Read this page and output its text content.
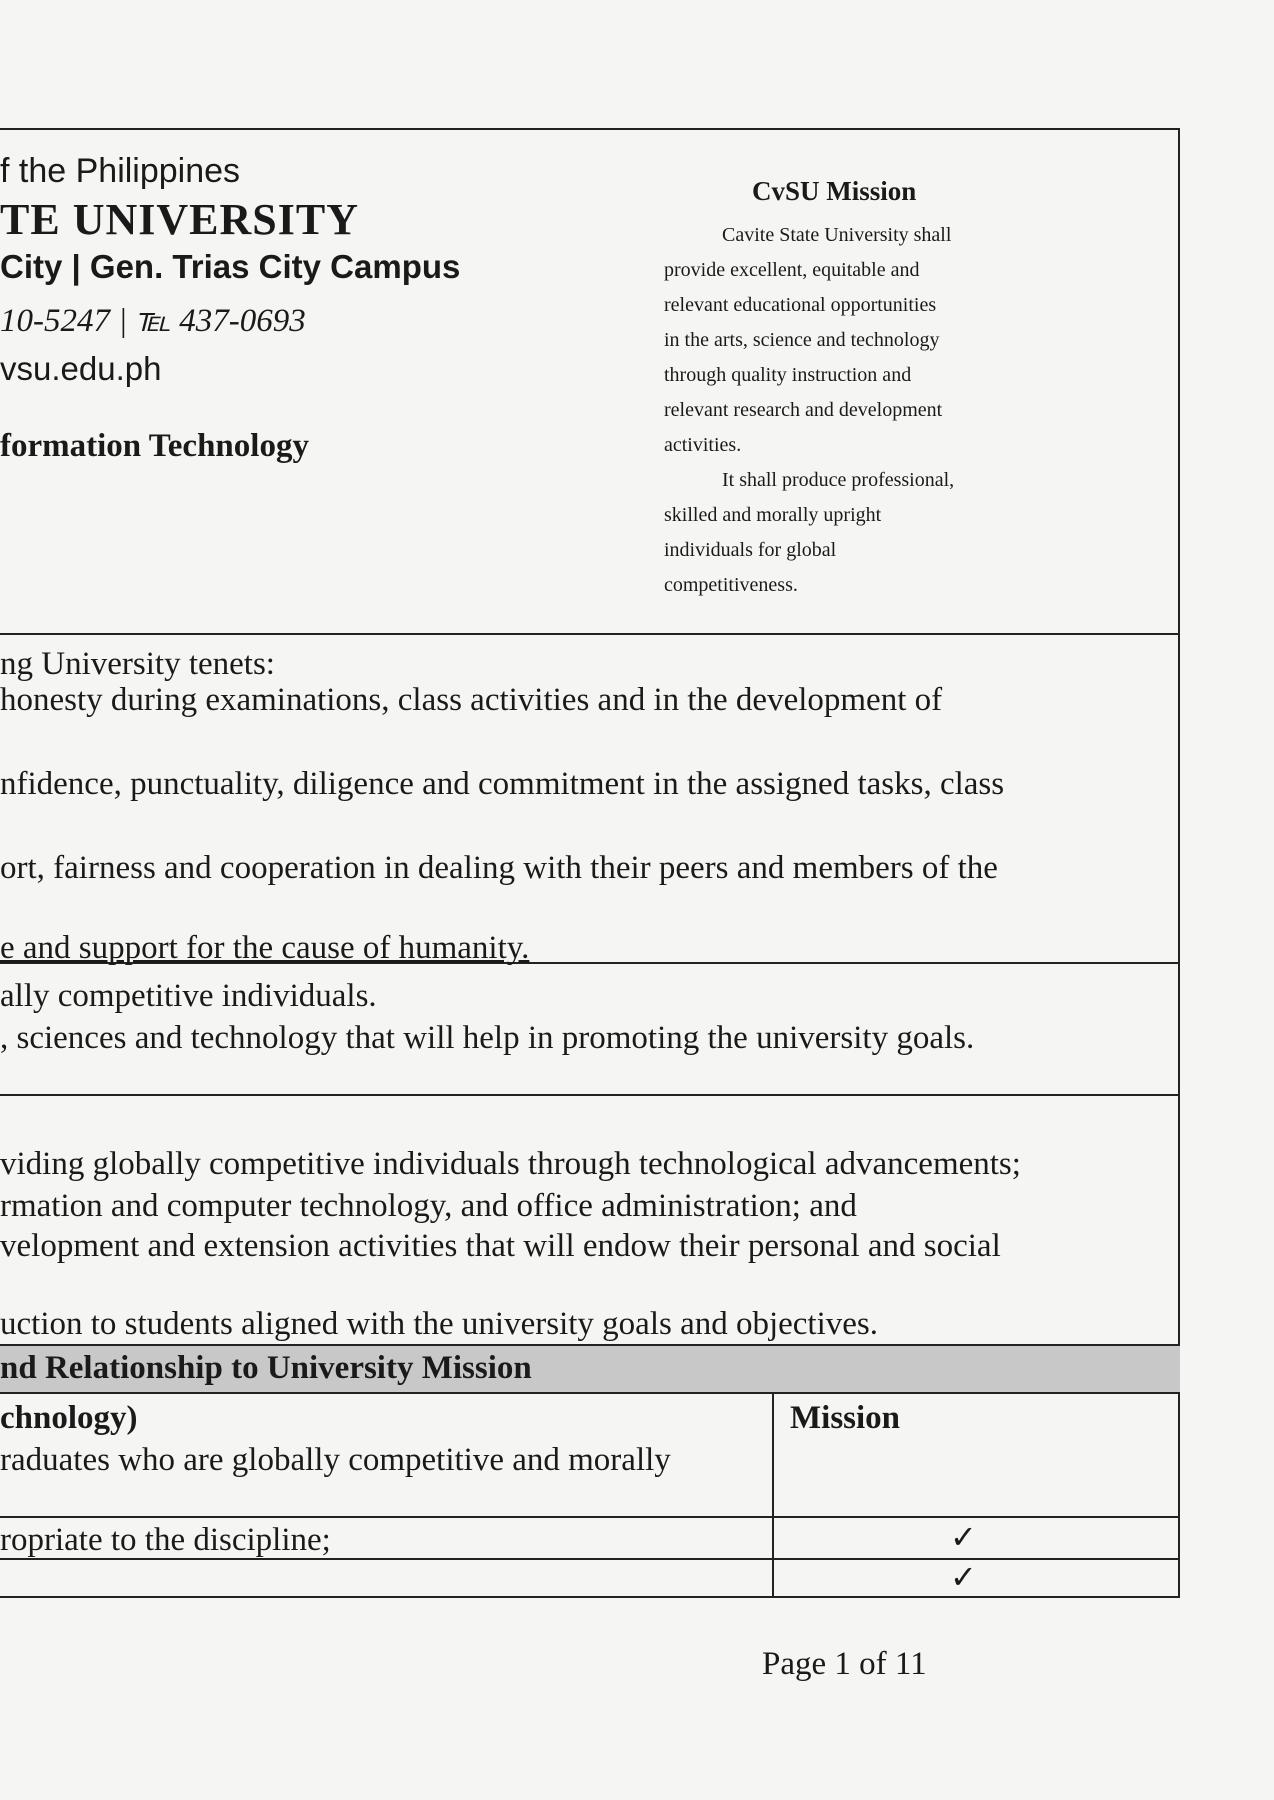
f the Philippines
TE UNIVERSITY
City | Gen. Trias City Campus
10-5247 | ℡ 437-0693
vsu.edu.ph
formation Technology
CvSU Mission
Cavite State University shall
provide excellent, equitable and
relevant educational opportunities
in the arts, science and technology
through quality instruction and
relevant research and development
activities.
It shall produce professional,
skilled and morally upright
individuals for global
competitiveness.
ng University tenets:
honesty during examinations, class activities and in the development of
nfidence, punctuality, diligence and commitment in the assigned tasks, class
ort, fairness and cooperation in dealing with their peers and members of the
e and support for the cause of humanity.
ally competitive individuals.
, sciences and technology that will help in promoting the university goals.
viding globally competitive individuals through technological advancements;
rmation and computer technology, and office administration; and
velopment and extension activities that will endow their personal and social
uction to students aligned with the university goals and objectives.
nd Relationship to University Mission
chnology)
raduates who are globally competitive and morally
Mission
ropriate to the discipline;	✓
✓
Page 1 of 11
